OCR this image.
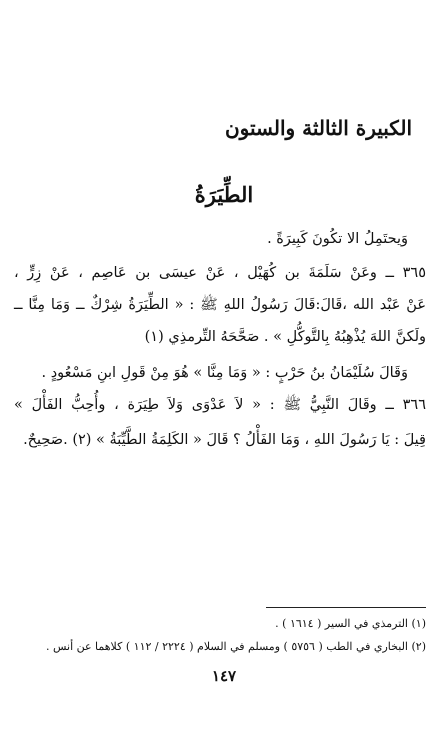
الكبيرة الثالثة والستون
الطِّيَرَةُ
وَيحتَمِلُ الا تكُونَ كَبِيرَةً .
٣٦٥ ــ وعَنْ سَلَمَةَ بن كُهَيْل ، عَنْ عيسَى بن عَاصِم ، عَنْ زِرٍّ ،
عَنْ عَبْد الله ،قَالَ:قَالَ رَسُولُ اللهِ ﷺ : « الطِّيَرَةُ شِرْكٌ ــ وَمَا مِنَّا ــ
ولَكنَّ اللهَ يُذْهِبُهُ بِالتَّوكُّلِ » . صَحَّحَهُ التِّرمذِي (١)
وَقَالَ سُلَيْمَانُ بنُ حَرْبٍ : « وَمَا مِنَّا » هُوَ مِنْ قَولِ ابنِ مَسْعُودٍ .
٣٦٦ ــ وقَالَ النَّبِيُّ ﷺ : « لاَ عَدْوَى وَلاَ طِيَرَة ، وأُحِبُّ الفَأْلَ »
قِيلَ : يَا رَسُولَ اللهِ ، وَمَا الفَأْلُ ؟ قَالَ « الكَلِمَةُ الطَّيِّبَةُ » (٢) .صَحِيحٌ.
(١) الترمذي في السير ( ١٦١٤ ) .
(٢) البخاري في الطب ( ٥٧٥٦ ) ومسلم في السلام ( ٢٢٢٤ / ١١٢ ) كلاهما عن أنس .
١٤٧
